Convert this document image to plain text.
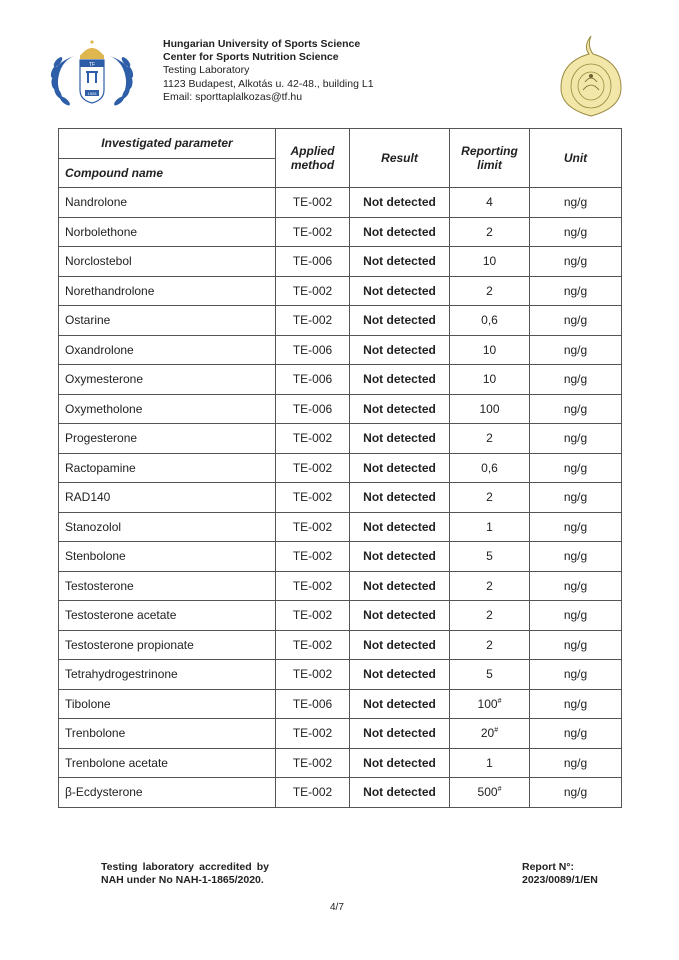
TF
1925
Hungarian University of Sports Science
Center for Sports Nutrition Science
Testing Laboratory
1123 Budapest, Alkotás u. 42-48., building L1
Email: sporttaplalkozas@tf.hu
Investigated parameter	Applied method	Result	Reporting limit	Unit
Compound name				
Nandrolone	TE-002	Not detected	4	ng/g
Norbolethone	TE-002	Not detected	2	ng/g
Norclostebol	TE-006	Not detected	10	ng/g
Norethandrolone	TE-002	Not detected	2	ng/g
Ostarine	TE-002	Not detected	0,6	ng/g
Oxandrolone	TE-006	Not detected	10	ng/g
Oxymesterone	TE-006	Not detected	10	ng/g
Oxymetholone	TE-006	Not detected	100	ng/g
Progesterone	TE-002	Not detected	2	ng/g
Ractopamine	TE-002	Not detected	0,6	ng/g
RAD140	TE-002	Not detected	2	ng/g
Stanozolol	TE-002	Not detected	1	ng/g
Stenbolone	TE-002	Not detected	5	ng/g
Testosterone	TE-002	Not detected	2	ng/g
Testosterone acetate	TE-002	Not detected	2	ng/g
Testosterone propionate	TE-002	Not detected	2	ng/g
Tetrahydrogestrinone	TE-002	Not detected	5	ng/g
Tibolone	TE-006	Not detected	100#	ng/g
Trenbolone	TE-002	Not detected	20#	ng/g
Trenbolone acetate	TE-002	Not detected	1	ng/g
β-Ecdysterone	TE-002	Not detected	500#	ng/g
Testing laboratory accredited by NAH under No NAH-1-1865/2020.
Report N°:
2023/0089/1/EN
4/7
